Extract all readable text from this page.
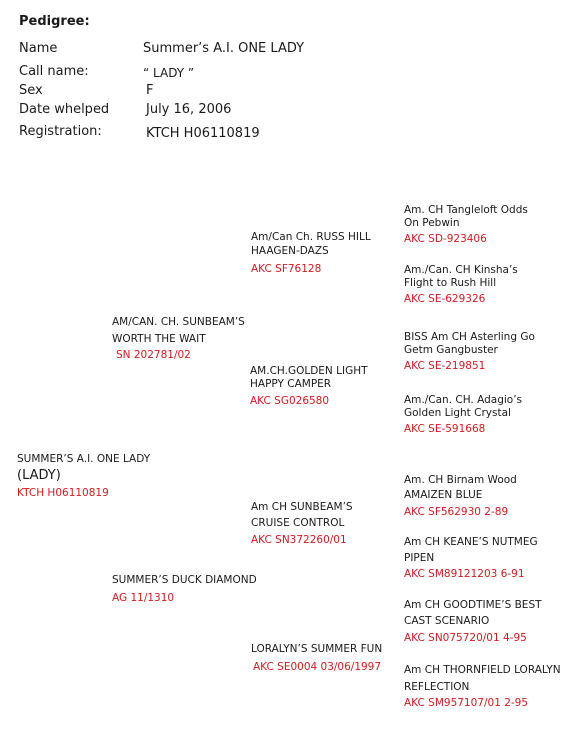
Pedigree:
Name	Summer’s A.I. ONE LADY
Call name:	“ LADY ”
Sex	F
Date whelped	July 16, 2006
Registration:	KTCH H06110819
Am. CH Tangleloft Odds
On Pebwin
AKC SD-923406
Am./Can. CH Kinsha’s
Flight to Rush Hill
AKC SE-629326
BISS Am CH Asterling Go
Getm Gangbuster
AKC SE-219851
Am./Can. CH. Adagio’s
Golden Light Crystal
AKC SE-591668
Am. CH Birnam Wood
AMAIZEN BLUE
AKC SF562930 2-89
Am CH KEANE’S NUTMEG
PIPEN
AKC SM89121203 6-91
Am CH GOODTIME’S BEST
CAST SCENARIO
AKC SN075720/01 4-95
Am CH THORNFIELD LORALYN
REFLECTION
AKC SM957107/01 2-95
Am/Can Ch. RUSS HILL
HAAGEN-DAZS
AKC SF76128
AM.CH.GOLDEN LIGHT
HAPPY CAMPER
AKC SG026580
Am CH SUNBEAM’S
CRUISE CONTROL
AKC SN372260/01
LORALYN’S SUMMER FUN
AKC SE0004 03/06/1997
AM/CAN. CH. SUNBEAM’S
WORTH THE WAIT
SN 202781/02
SUMMER’S DUCK DIAMOND
AG 11/1310
SUMMER’S A.I. ONE LADY
(LADY)
KTCH H06110819
